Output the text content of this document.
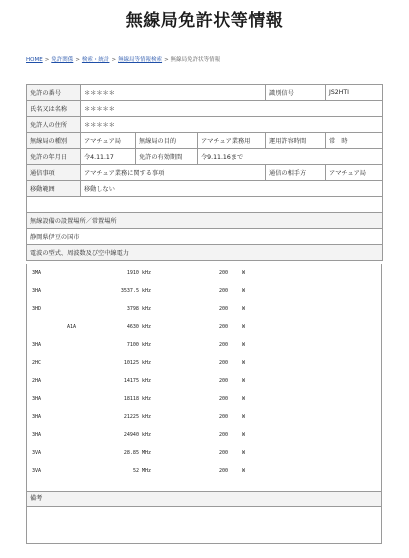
無線局免許状等情報
HOME > 免許関係 > 検索・統計 > 無線局等情報検索 > 無線局免許状等情報
免許の番号	＊＊＊＊＊			識別信号	JS2HTI
氏名又は名称	＊＊＊＊＊				
免許人の住所	＊＊＊＊＊				
無線局の種別	アマチュア局	無線局の目的	アマチュア業務用	運用許容時間	常　時
免許の年月日	令4.11.17	免許の有効期間	令9.11.16まで		
通信事項	アマチュア業務に関する事項			通信の相手方	アマチュア局
移動範囲	移動しない				

無線設備の設置場所／常置場所					
静岡県伊豆の国市					
電波の型式、周波数及び空中線電力					
3MA	1910 kHz	200	W
3HA	3537.5 kHz	200	W
3HD	3798 kHz	200	W
A1A	4630 kHz	200	W
3HA	7100 kHz	200	W
2HC	10125 kHz	200	W
2HA	14175 kHz	200	W
3HA	18118 kHz	200	W
3HA	21225 kHz	200	W
3HA	24940 kHz	200	W
3VA	28.85 MHz	200	W
3VA	52 MHz	200	W
備考
